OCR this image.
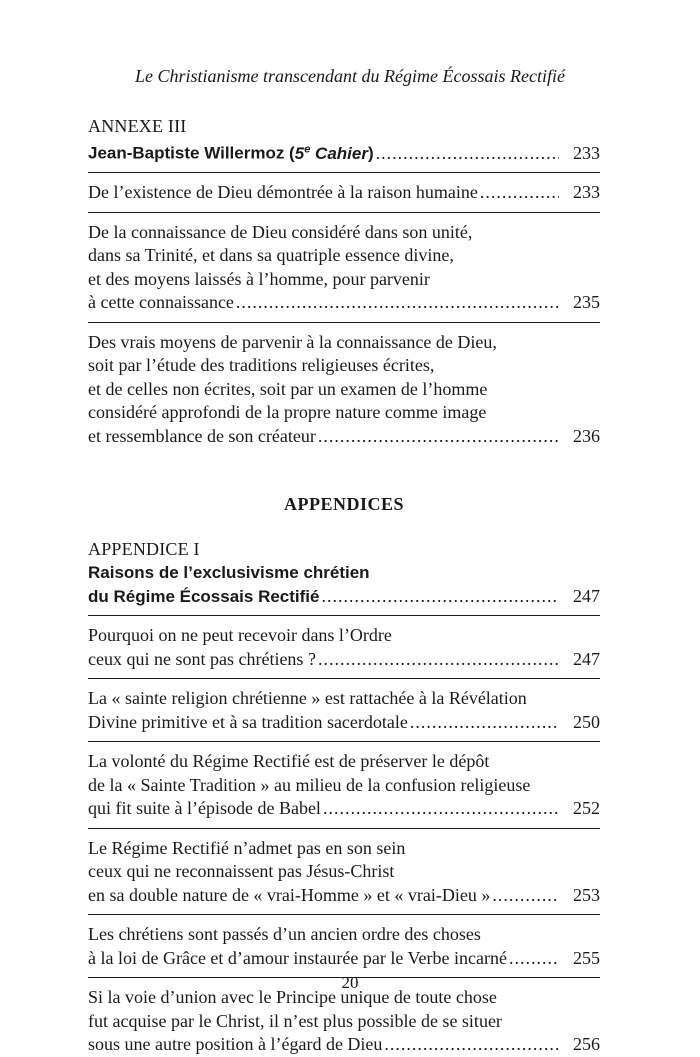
Le Christianisme transcendant du Régime Écossais Rectifié
ANNEXE III
Jean-Baptiste Willermoz (5e Cahier) .....	233
De l’existence de Dieu démontrée à la raison humaine .....	233
De la connaissance de Dieu considéré dans son unité,
dans sa Trinité, et dans sa quatriple essence divine,
et des moyens laissés à l’homme, pour parvenir
à cette connaissance .....	235
Des vrais moyens de parvenir à la connaissance de Dieu,
soit par l’étude des traditions religieuses écrites,
et de celles non écrites, soit par un examen de l’homme
considéré approfondi de la propre nature comme image
et ressemblance de son créateur .....	236
APPENDICES
APPENDICE I
Raisons de l’exclusivisme chrétien
du Régime Écossais Rectifié .....	247
Pourquoi on ne peut recevoir dans l’Ordre
ceux qui ne sont pas chrétiens ? .....	247
La « sainte religion chrétienne » est rattachée à la Révélation
Divine primitive et à sa tradition sacerdotale .....	250
La volonté du Régime Rectifié est de préserver le dépôt
de la « Sainte Tradition » au milieu de la confusion religieuse
qui fit suite à l’épisode de Babel .....	252
Le Régime Rectifié n’admet pas en son sein
ceux qui ne reconnaissent pas Jésus-Christ
en sa double nature de « vrai-Homme » et « vrai-Dieu » .....	253
Les chrétiens sont passés d’un ancien ordre des choses
à la loi de Grâce et d’amour instaurée par le Verbe incarné .....	255
Si la voie d’union avec le Principe unique de toute chose
fut acquise par le Christ, il n’est plus possible de se situer
sous une autre position à l’égard de Dieu .....	256
20
